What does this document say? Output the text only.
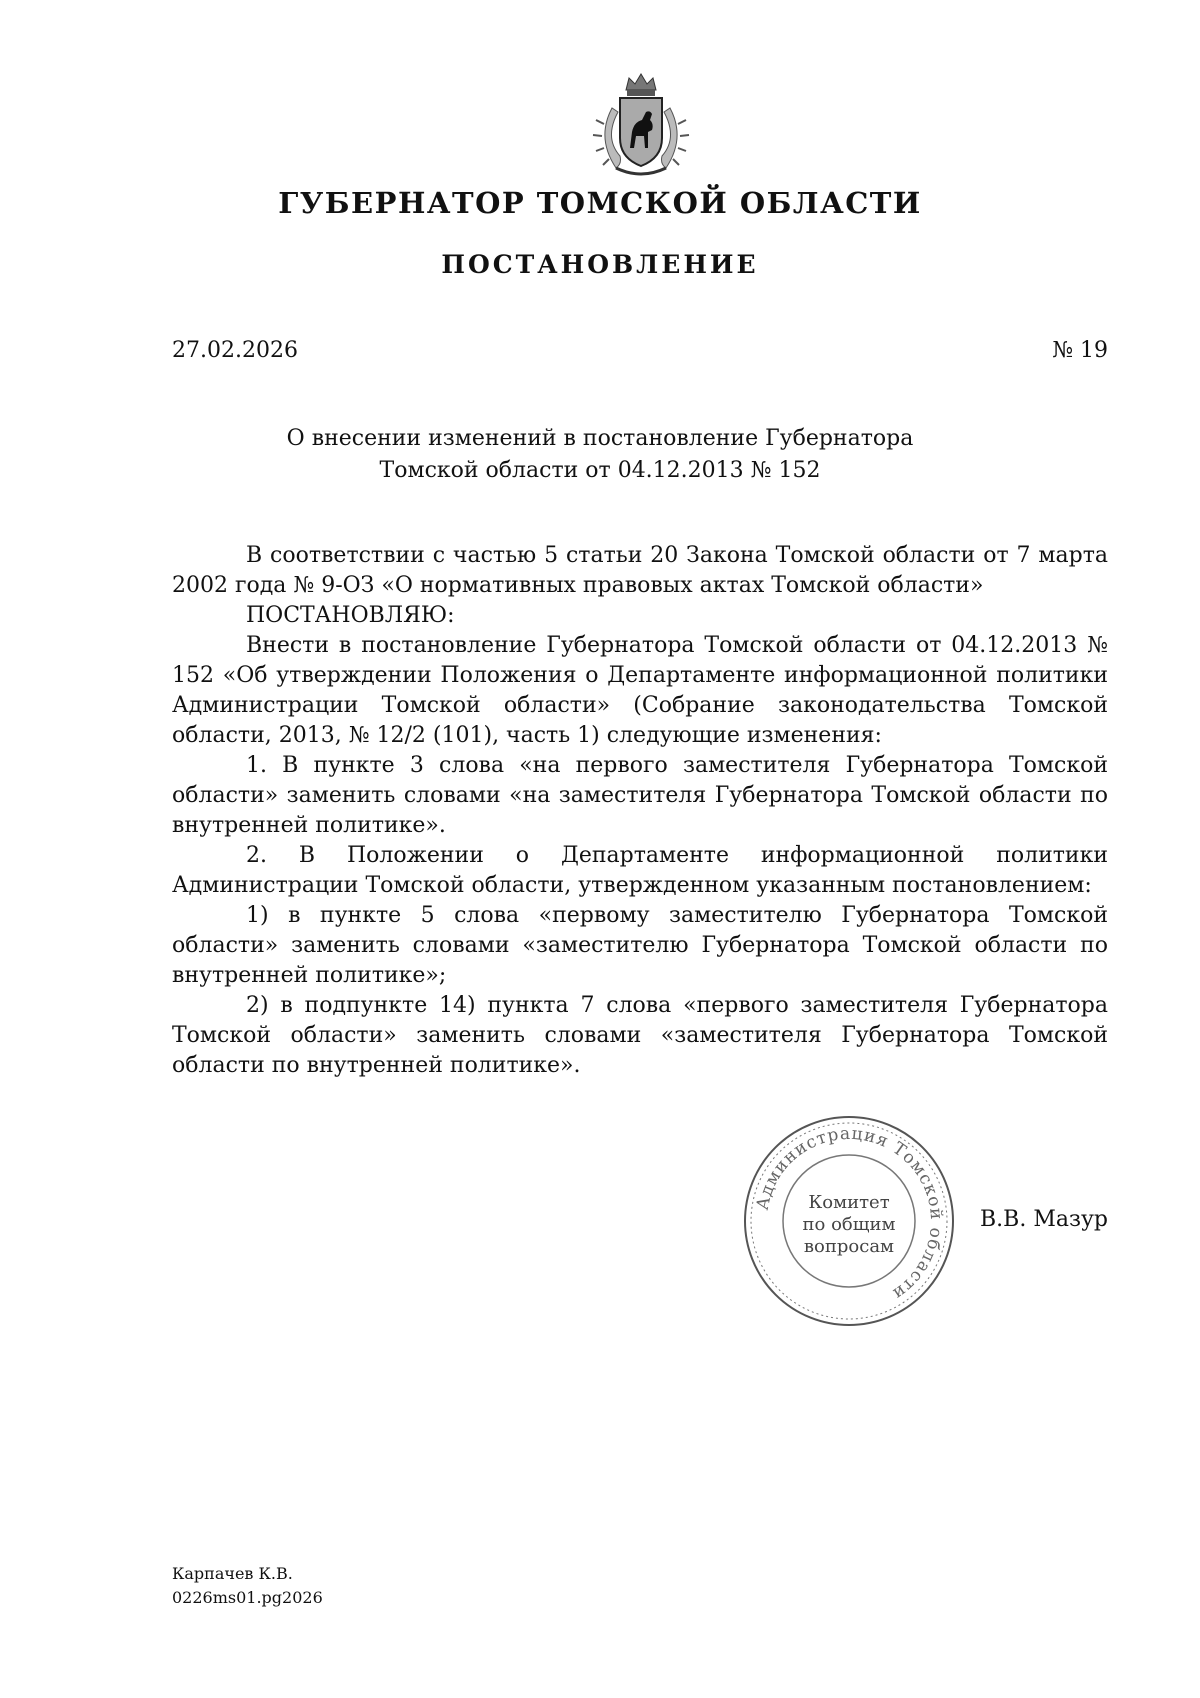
ГУБЕРНАТОР ТОМСКОЙ ОБЛАСТИ
ПОСТАНОВЛЕНИЕ
27.02.2026	№ 19
О внесении изменений в постановление Губернатора
Томской области от 04.12.2013 № 152

В соответствии с частью 5 статьи 20 Закона Томской области от 7 марта 2002 года № 9-ОЗ «О нормативных правовых актах Томской области»

ПОСТАНОВЛЯЮ:

Внести в постановление Губернатора Томской области от 04.12.2013 № 152 «Об утверждении Положения о Департаменте информационной политики Администрации Томской области» (Собрание законодательства Томской области, 2013, № 12/2 (101), часть 1) следующие изменения:

1. В пункте 3 слова «на первого заместителя Губернатора Томской области» заменить словами «на заместителя Губернатора Томской области по внутренней политике».

2. В Положении о Департаменте информационной политики Администрации Томской области, утвержденном указанным постановлением:

1) в пункте 5 слова «первому заместителю Губернатора Томской области» заменить словами «заместителю Губернатора Томской области по внутренней политике»;

2) в подпункте 14) пункта 7 слова «первого заместителя Губернатора Томской области» заменить словами «заместителя Губернатора Томской области по внутренней политике».

Администрация Томской области
Комитет
по общим
вопросам
В.В. Мазур
Карпачев К.В.
0226ms01.pg2026
